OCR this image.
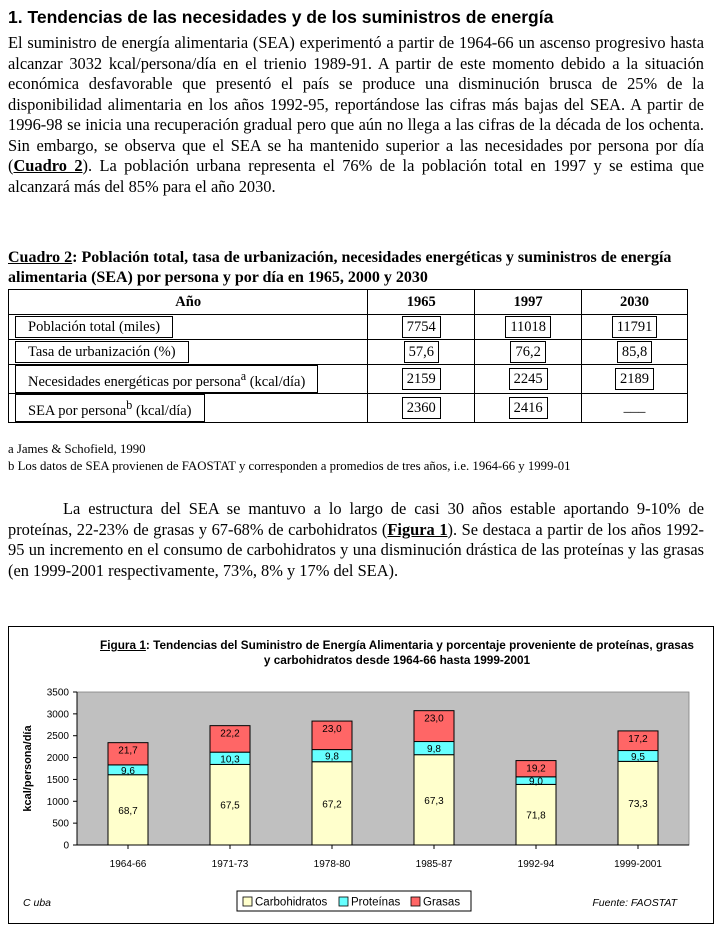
1. Tendencias de las necesidades y de los suministros de energía

El suministro de energía alimentaria (SEA) experimentó a partir de 1964-66 un ascenso progresivo hasta alcanzar 3032 kcal/persona/día en el trienio 1989-91. A partir de este momento debido a la situación económica desfavorable que presentó el país se produce una disminución brusca de 25% de la disponibilidad alimentaria en los años 1992-95, reportándose las cifras más bajas del SEA. A partir de 1996-98 se inicia una recuperación gradual pero que aún no llega a las cifras de la década de los ochenta. Sin embargo, se observa que el SEA se ha mantenido superior a las necesidades por persona por día (Cuadro 2). La población urbana representa el 76% de la población total en 1997 y se estima que alcanzará más del 85% para el año 2030.

Cuadro 2: Población total, tasa de urbanización, necesidades energéticas y suministros de energía alimentaria (SEA) por persona y por día en 1965, 2000 y 2030

Año	1965	1997	2030
Población total (miles)	7754	11018	11791
Tasa de urbanización (%)	57,6	76,2	85,8
Necesidades energéticas por persona$^a$ (kcal/día)	2159	2245	2189
SEA por persona$^b$ (kcal/día)	2360	2416	___
a James & Schofield, 1990
b Los datos de SEA provienen de FAOSTAT y corresponden a promedios de tres años, i.e. 1964-66 y 1999-01

La estructura del SEA se mantuvo a lo largo de casi 30 años estable aportando 9-10% de proteínas, 22-23% de grasas y 67-68% de carbohidratos (Figura 1). Se destaca a partir de los años 1992-95 un incremento en el consumo de carbohidratos y una disminución drástica de las proteínas y las grasas (en 1999-2001 respectivamente, 73%, 8% y 17% del SEA).

Figura 1: Tendencias del Suministro de Energía Alimentaria y porcentaje proveniente de proteínas, grasas y carbohidratos desde 1964-66 hasta 1999-2001
0
500
1000
1500
2000
2500
3000
3500
kcal/persona/día	68,7
9,6
21,7
1964-66
67,5
10,3
22,2
1971-73
67,2
9,8
23,0
1978-80
67,3
9,8
23,0
1985-87
71,8
9,0
19,2
1992-94
73,3
9,5
17,2
1999-2001
Carbohidratos Proteínas Grasas
C uba	Fuente: FAOSTAT
